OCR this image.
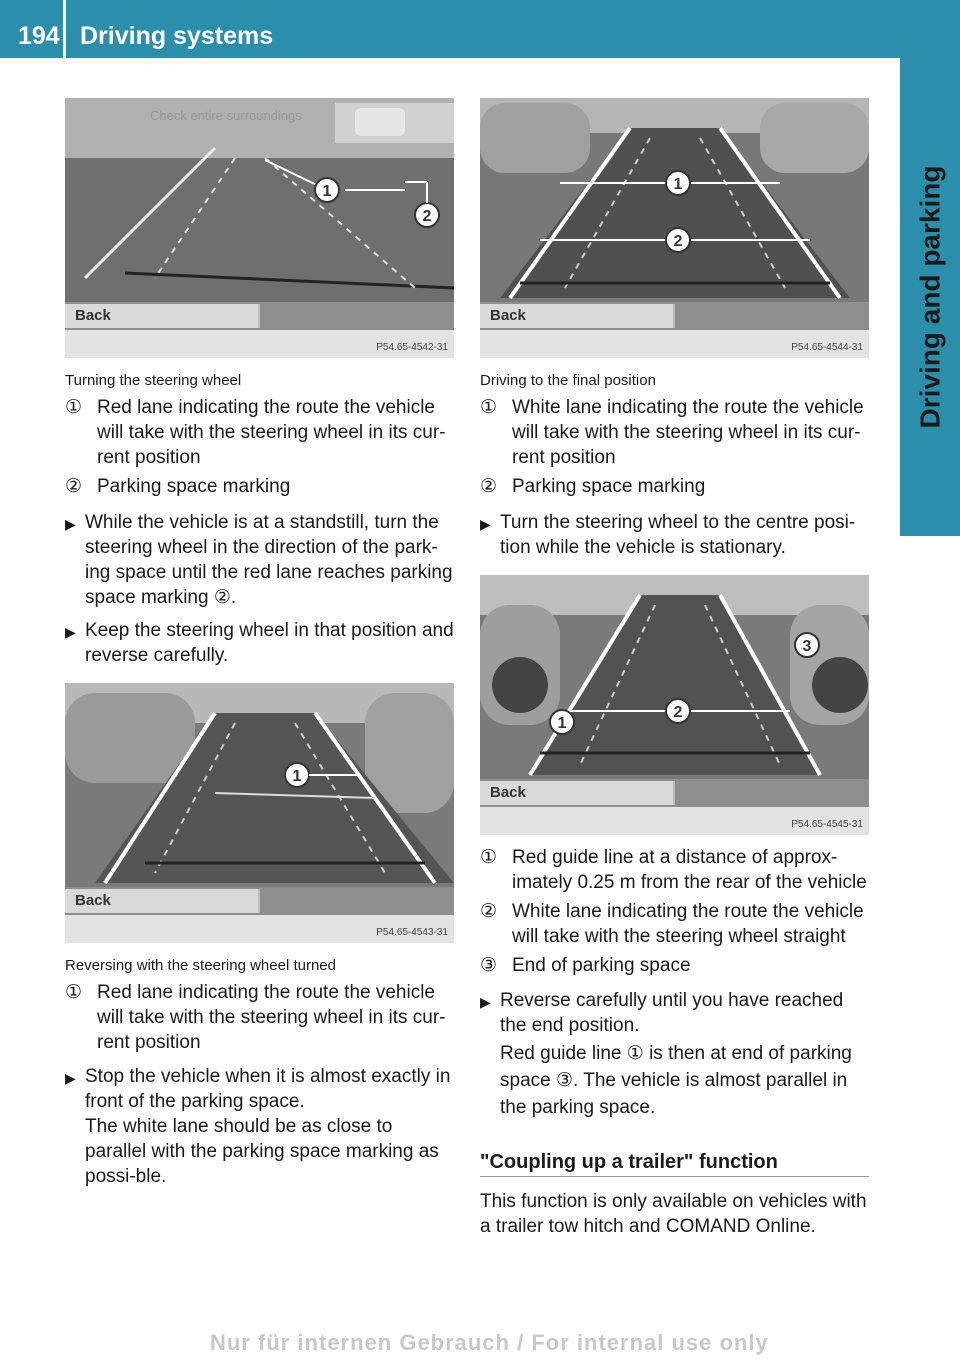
194 Driving systems
Driving and parking
1
2
Check entire surroundings
Back
P54.65-4542-31
Turning the steering wheel
① Red lane indicating the route the vehicle will take with the steering wheel in its cur-rent position
② Parking space marking
▶ While the vehicle is at a standstill, turn the steering wheel in the direction of the park-ing space until the red lane reaches parking space marking ②.
▶ Keep the steering wheel in that position and reverse carefully.
1
Back
P54.65-4543-31
Reversing with the steering wheel turned
① Red lane indicating the route the vehicle will take with the steering wheel in its cur-rent position
▶ Stop the vehicle when it is almost exactly in front of the parking space.
The white lane should be as close to parallel with the parking space marking as possi-ble.
1
2
Back
P54.65-4544-31
Driving to the final position
① White lane indicating the route the vehicle will take with the steering wheel in its cur-rent position
② Parking space marking
▶ Turn the steering wheel to the centre posi-tion while the vehicle is stationary.
3
2
1
Back
P54.65-4545-31
① Red guide line at a distance of approx-imately 0.25 m from the rear of the vehicle
② White lane indicating the route the vehicle will take with the steering wheel straight
③ End of parking space
▶ Reverse carefully until you have reached the end position.
Red guide line ① is then at end of parking space ③. The vehicle is almost parallel in the parking space.
"Coupling up a trailer" function
This function is only available on vehicles with a trailer tow hitch and COMAND Online.
Nur für internen Gebrauch / For internal use only
